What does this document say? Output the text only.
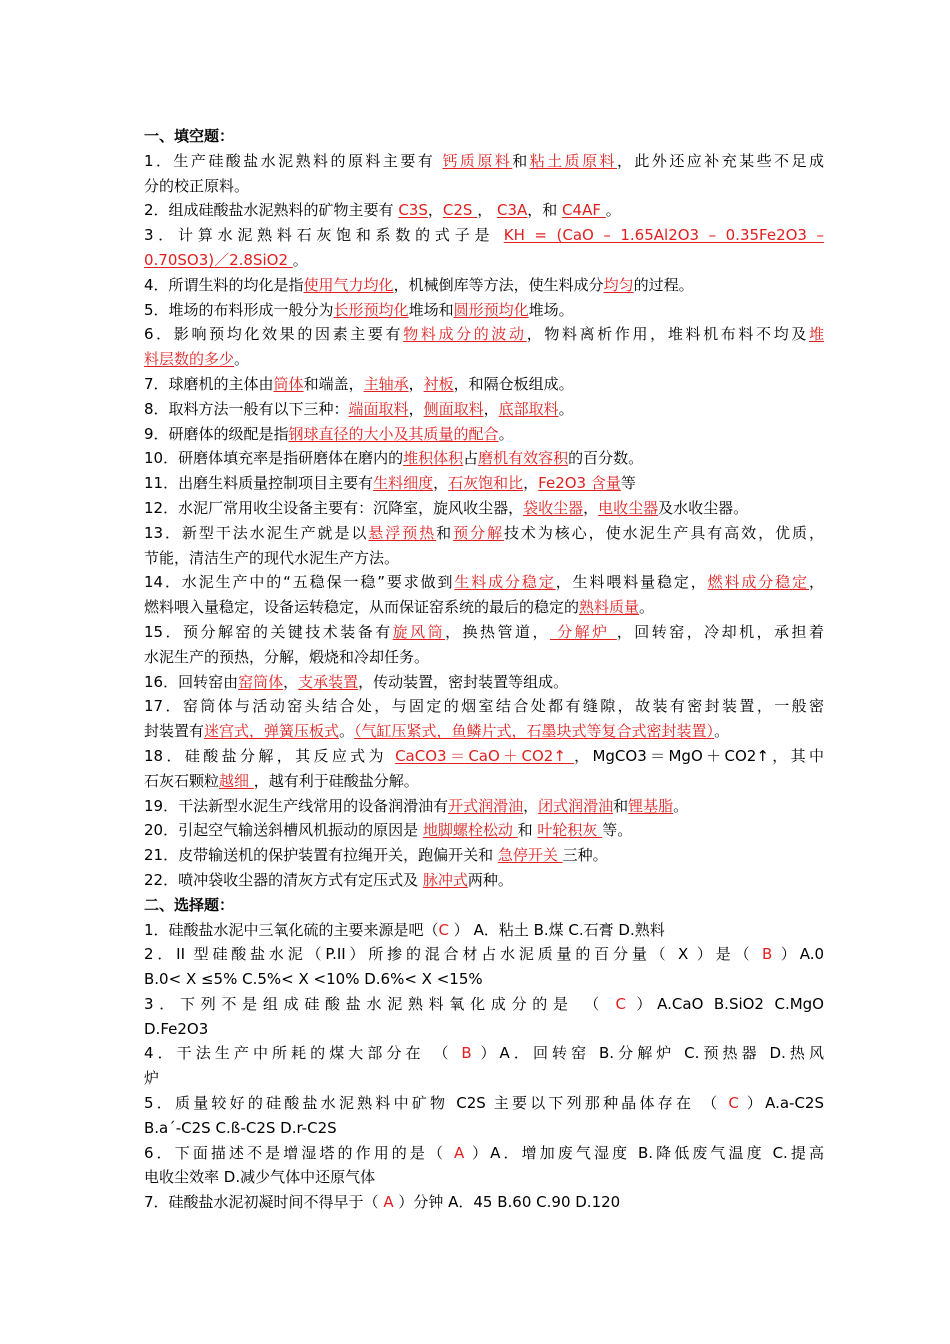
一、填空题：
1．生产硅酸盐水泥熟料的原料主要有 钙质原料和粘土质原料，此外还应补充某些不足成
分的校正原料。
2．组成硅酸盐水泥熟料的矿物主要有 C3S，C2S ， C3A，和 C4AF 。
3．计算水泥熟料石灰饱和系数的式子是 KH = (CaO – 1.65Al2O3 – 0.35Fe2O3 –
0.70SO3)／2.8SiO2 。
4．所谓生料的均化是指使用气力均化，机械倒库等方法，使生料成分均匀的过程。
5．堆场的布料形成一般分为长形预均化堆场和圆形预均化堆场。
6．影响预均化效果的因素主要有物料成分的波动，物料离析作用，堆料机布料不均及堆
料层数的多少。
7．球磨机的主体由筒体和端盖，主轴承，衬板，和隔仓板组成。
8．取料方法一般有以下三种：端面取料，侧面取料，底部取料。
9．研磨体的级配是指钢球直径的大小及其质量的配合。
10．研磨体填充率是指研磨体在磨内的堆积体积占磨机有效容积的百分数。
11．出磨生料质量控制项目主要有生料细度，石灰饱和比，Fe2O3 含量等
12．水泥厂常用收尘设备主要有：沉降室，旋风收尘器，袋收尘器，电收尘器及水收尘器。
13．新型干法水泥生产就是以悬浮预热和预分解技术为核心，使水泥生产具有高效，优质，
节能，清洁生产的现代水泥生产方法。
14．水泥生产中的“五稳保一稳”要求做到生料成分稳定，生料喂料量稳定，燃料成分稳定，
燃料喂入量稳定，设备运转稳定，从而保证窑系统的最后的稳定的熟料质量。
15．预分解窑的关键技术装备有旋风筒，换热管道， 分解炉 ，回转窑，冷却机，承担着
水泥生产的预热，分解，煅烧和冷却任务。
16．回转窑由窑筒体，支承装置，传动装置，密封装置等组成。
17．窑筒体与活动窑头结合处，与固定的烟室结合处都有缝隙，故装有密封装置，一般密
封装置有迷宫式，弹簧压板式。（气缸压紧式，鱼鳞片式，石墨块式等复合式密封装置）。
18．硅酸盐分解，其反应式为 CaCO3＝CaO＋CO2↑ ，MgCO3＝MgO＋CO2↑，其中
石灰石颗粒越细 ，越有利于硅酸盐分解。
19．干法新型水泥生产线常用的设备润滑油有开式润滑油，闭式润滑油和锂基脂。
20．引起空气输送斜槽风机振动的原因是 地脚螺栓松动 和 叶轮积灰 等。
21．皮带输送机的保护装置有拉绳开关，跑偏开关和 急停开关 三种。
22．喷冲袋收尘器的清灰方式有定压式及 脉冲式两种。
二、选择题：
1．硅酸盐水泥中三氧化硫的主要来源是吧（C ） A．粘土 B.煤 C.石膏 D.熟料
2．II 型硅酸盐水泥（P.II）所掺的混合材占水泥质量的百分量（ X ）是（ B ）A.0
B.0< X ≤5% C.5%< X <10% D.6%< X <15%
3．下列不是组成硅酸盐水泥熟料氧化成分的是 （ C ）A.CaO B.SiO2 C.MgO
D.Fe2O3
4．干法生产中所耗的煤大部分在 （ B ）A．回转窑 B.分解炉 C.预热器 D.热风
炉
5．质量较好的硅酸盐水泥熟料中矿物 C2S 主要以下列那种晶体存在 （ C ）A.a-C2S
B.a´-C2S C.ß-C2S D.r-C2S
6．下面描述不是增湿塔的作用的是（ A ）A．增加废气湿度 B.降低废气温度 C.提高
电收尘效率 D.减少气体中还原气体
7．硅酸盐水泥初凝时间不得早于（ A ）分钟 A．45 B.60 C.90 D.120
